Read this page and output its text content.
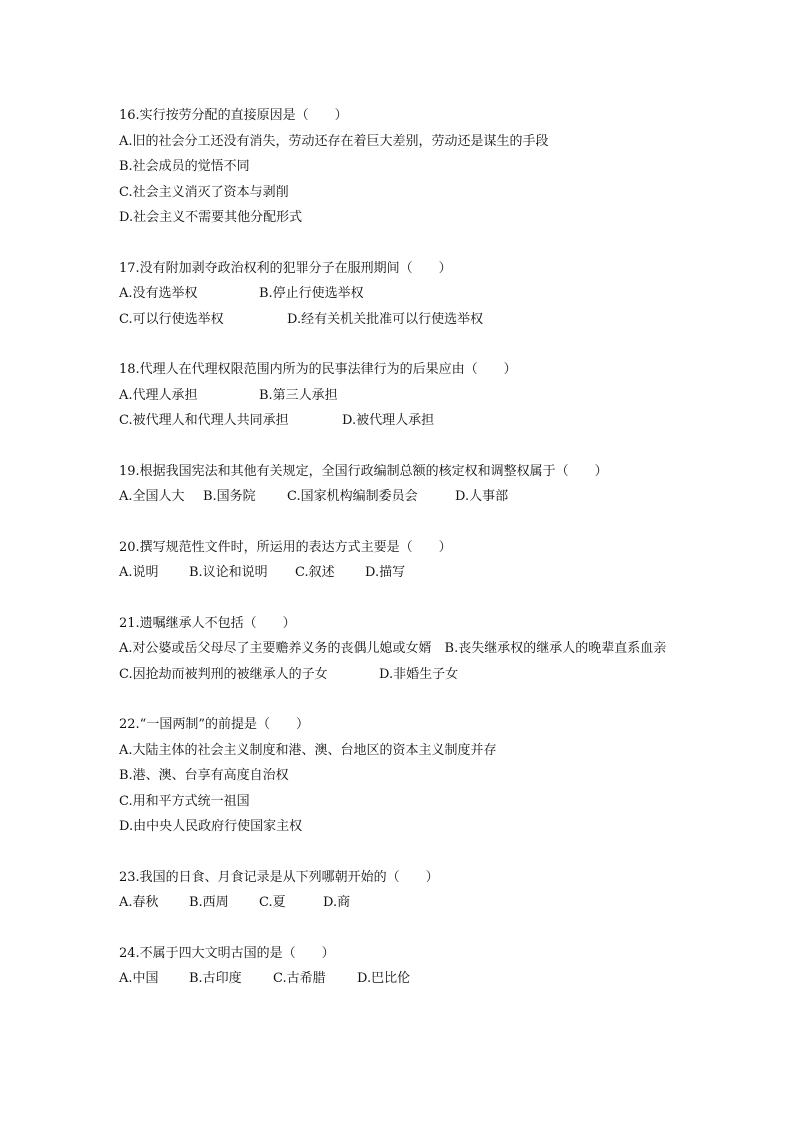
16.实行按劳分配的直接原因是（　　）
A.旧的社会分工还没有消失，劳动还存在着巨大差别，劳动还是谋生的手段
B.社会成员的觉悟不同
C.社会主义消灭了资本与剥削
D.社会主义不需要其他分配形式
17.没有附加剥夺政治权利的犯罪分子在服刑期间（　　）
A.没有选举权	B.停止行使选举权
C.可以行使选举权	D.经有关机关批准可以行使选举权
18.代理人在代理权限范围内所为的民事法律行为的后果应由（　　）
A.代理人承担	B.第三人承担
C.被代理人和代理人共同承担	D.被代理人承担
19.根据我国宪法和其他有关规定，全国行政编制总额的核定权和调整权属于（　　）
A.全国人大 B.国务院 C.国家机构编制委员会	D.人事部
20.撰写规范性文件时，所运用的表达方式主要是（　　）
A.说明 B.议论和说明 C.叙述 D.描写
21.遗嘱继承人不包括（　　）
A.对公婆或岳父母尽了主要赡养义务的丧偶儿媳或女婿　 B.丧失继承权的继承人的晚辈直系血亲
C.因抢劫而被判刑的被继承人的子女	D.非婚生子女
22.“一国两制”的前提是（　　）
A.大陆主体的社会主义制度和港、澳、台地区的资本主义制度并存
B.港、澳、台享有高度自治权
C.用和平方式统一祖国
D.由中央人民政府行使国家主权
23.我国的日食、月食记录是从下列哪朝开始的（　　）
A.春秋 B.西周 C.夏	D.商
24.不属于四大文明古国的是（　　）
A.中国 B.古印度 C.古希腊 D.巴比伦
